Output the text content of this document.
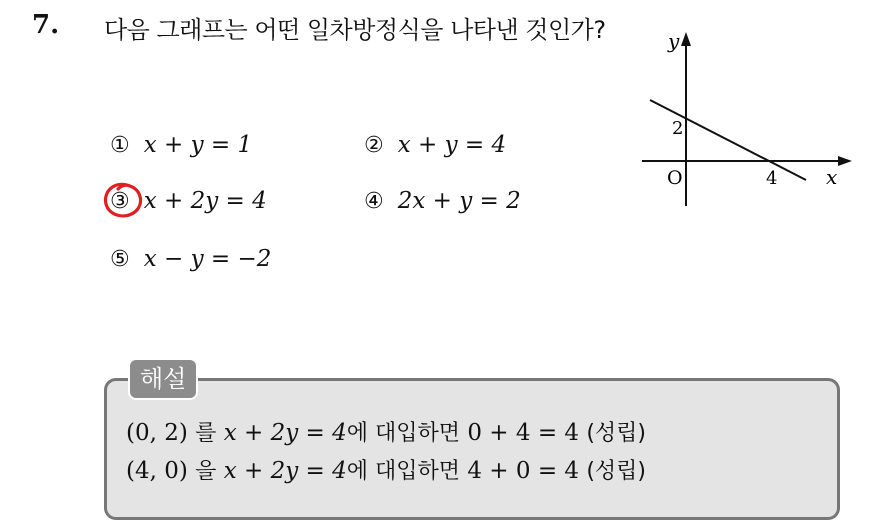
7. 다음 그래프는 어떤 일차방정식을 나타낸 것인가?
① x + y = 1	② x + y = 4
③ x + 2y = 4	④ 2x + y = 2
⑤ x − y = −2
y
x
O
2
4
해설
(0, 2) 를 x + 2y = 4에 대입하면 0 + 4 = 4 (성립)
(4, 0) 을 x + 2y = 4에 대입하면 4 + 0 = 4 (성립)
